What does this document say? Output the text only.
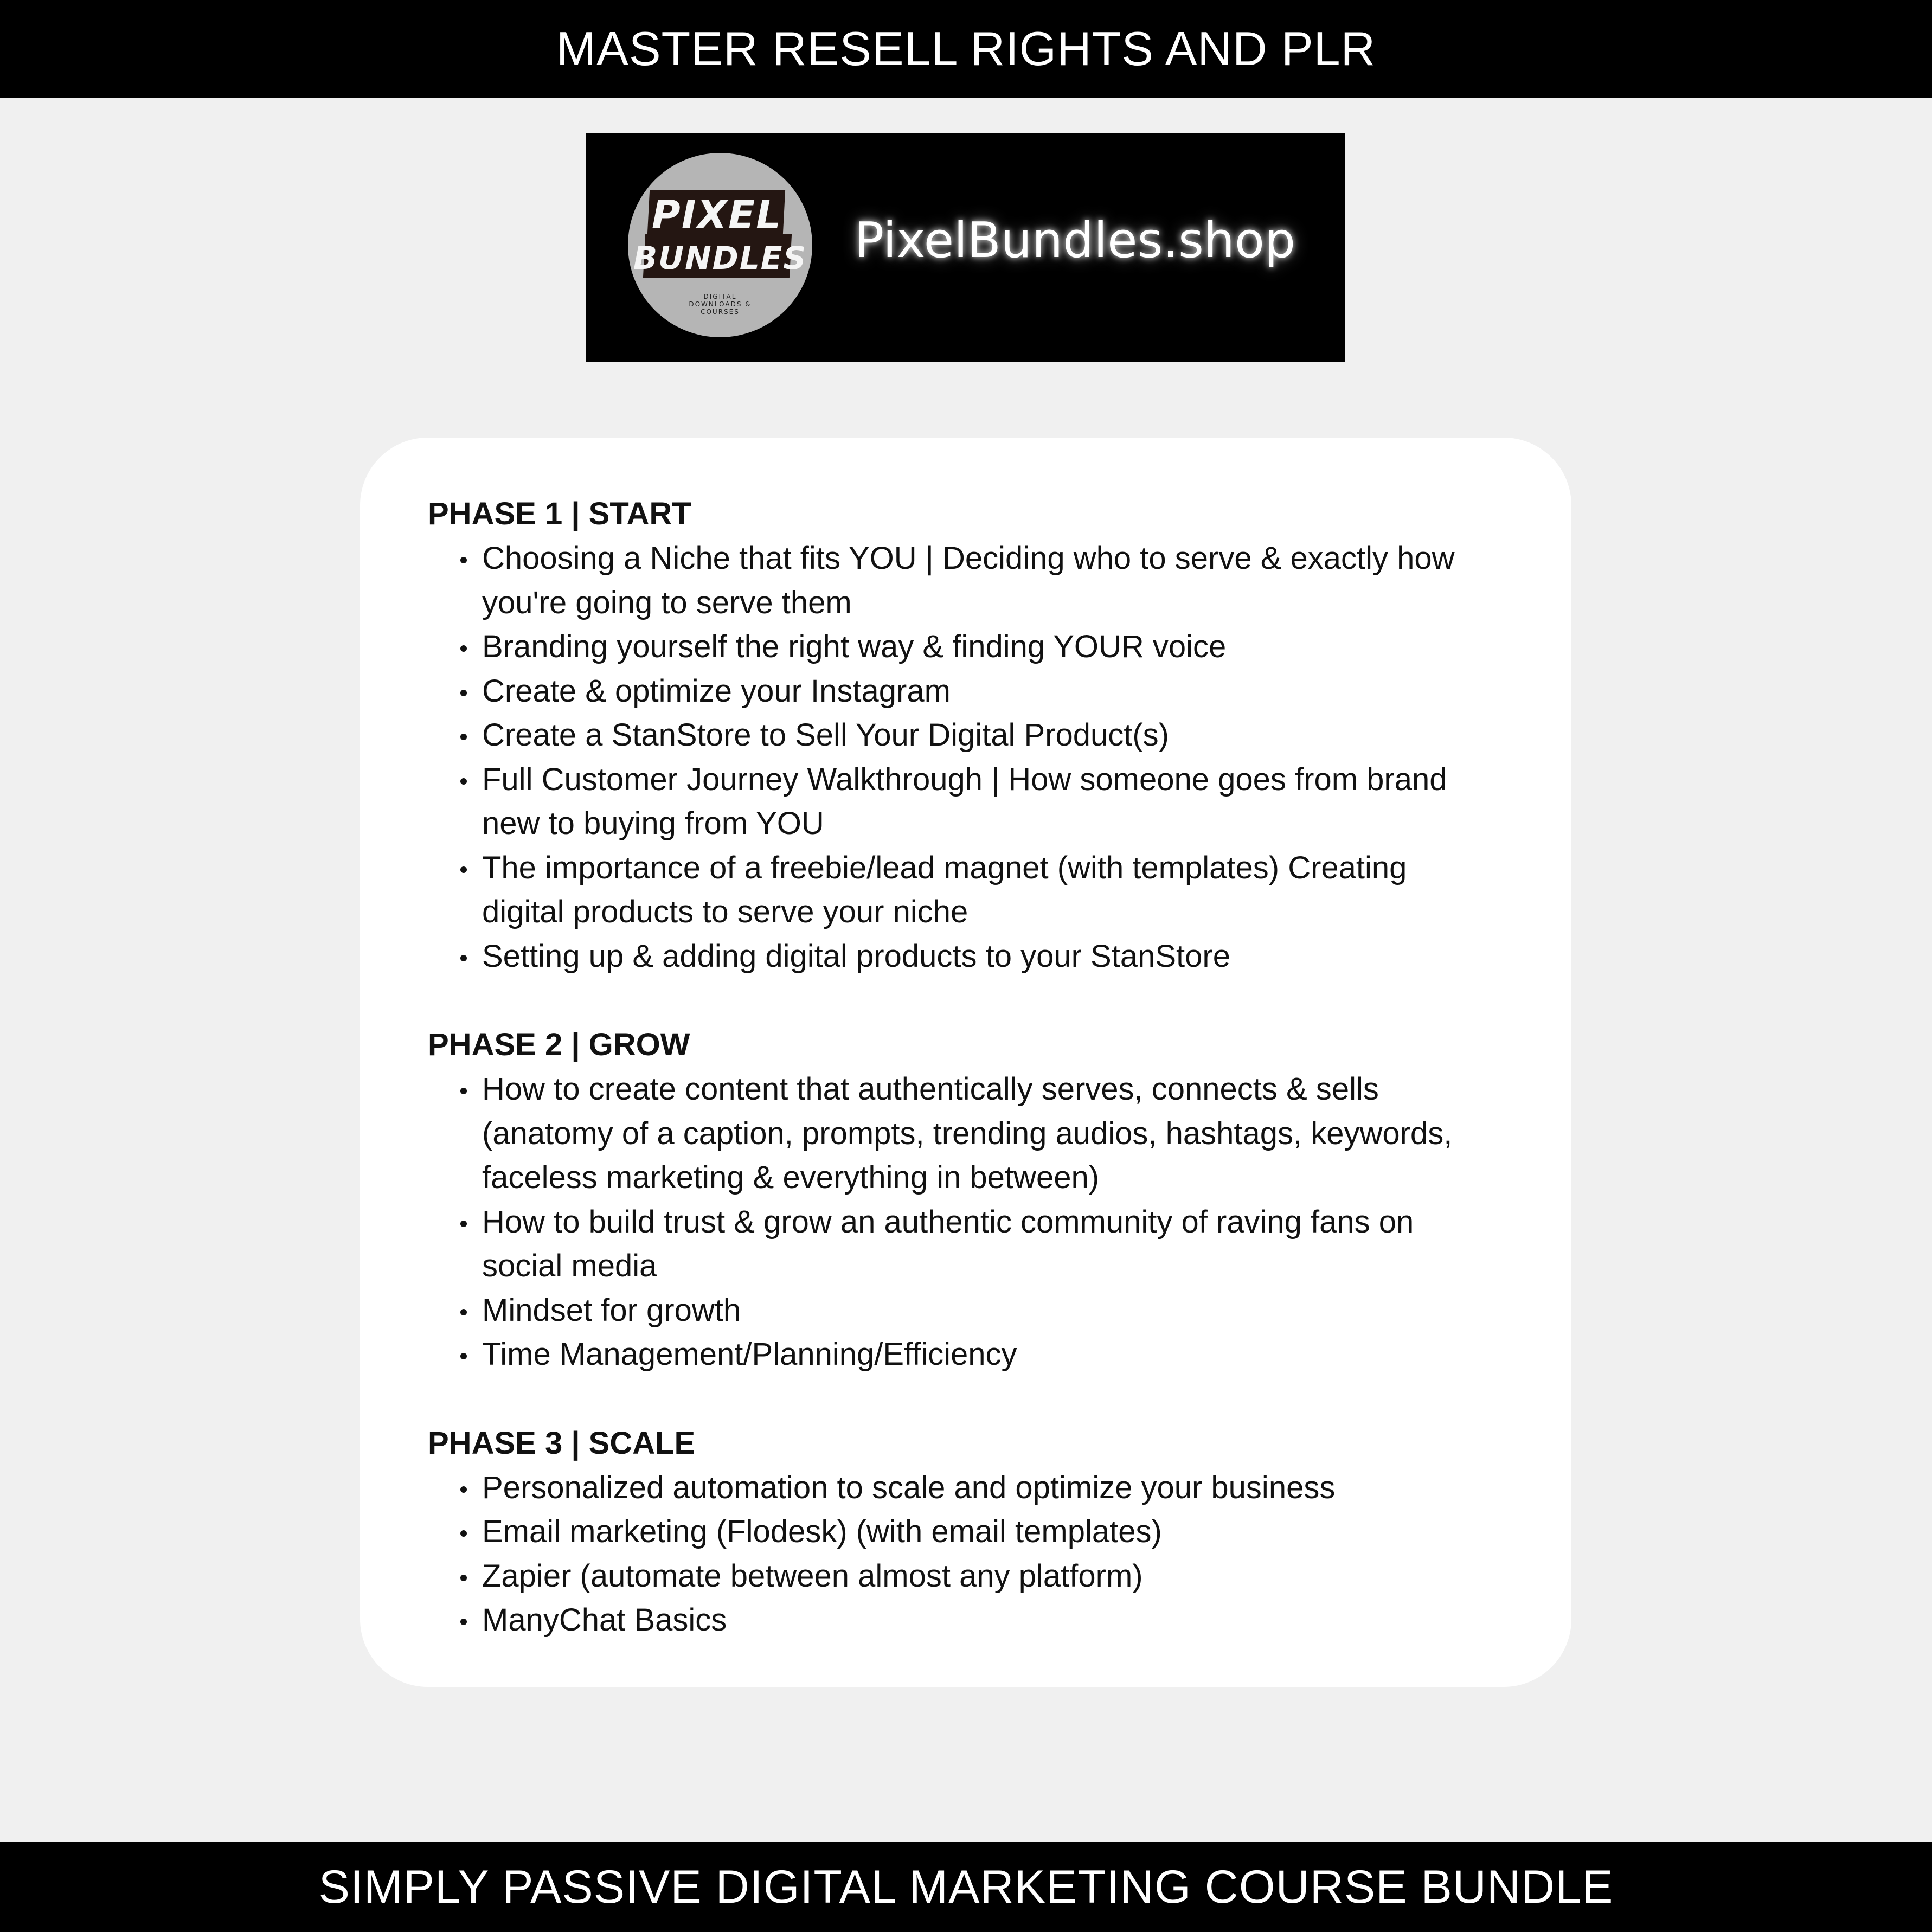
MASTER RESELL RIGHTS AND PLR
PIXEL
BUNDLES
DIGITAL
DOWNLOADS &
COURSES
PixelBundles.shop
PHASE 1 | START
Choosing a Niche that fits YOU | Deciding who to serve & exactly how you're going to serve them
Branding yourself the right way & finding YOUR voice
Create & optimize your Instagram
Create a StanStore to Sell Your Digital Product(s)
Full Customer Journey Walkthrough | How someone goes from brand new to buying from YOU
The importance of a freebie/lead magnet (with templates) Creating digital products to serve your niche
Setting up & adding digital products to your StanStore
PHASE 2 | GROW
How to create content that authentically serves, connects & sells (anatomy of a caption, prompts, trending audios, hashtags, keywords, faceless marketing & everything in between)
How to build trust & grow an authentic community of raving fans on social media
Mindset for growth
Time Management/Planning/Efficiency
PHASE 3 | SCALE
Personalized automation to scale and optimize your business
Email marketing (Flodesk) (with email templates)
Zapier (automate between almost any platform)
ManyChat Basics
SIMPLY PASSIVE DIGITAL MARKETING COURSE BUNDLE
